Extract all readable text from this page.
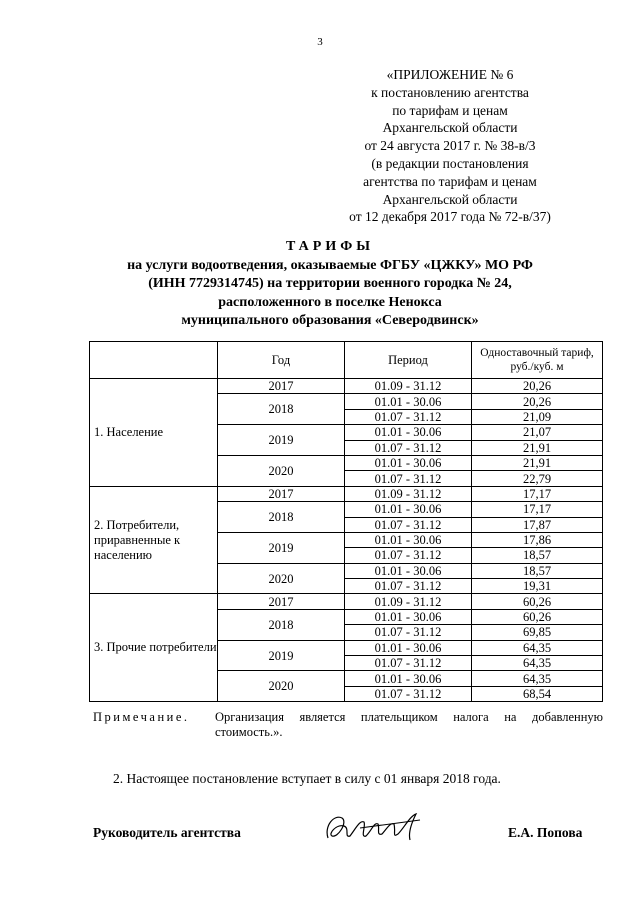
3
«ПРИЛОЖЕНИЕ № 6
к постановлению агентства
по тарифам и ценам
Архангельской области
от 24 августа 2017 г. № 38-в/3
(в редакции постановления
агентства по тарифам и ценам
Архангельской области
от 12 декабря 2017 года № 72-в/37)
ТАРИФЫ
на услуги водоотведения, оказываемые ФГБУ «ЦЖКУ» МО РФ
(ИНН 7729314745) на территории военного городка № 24,
расположенного в поселке Ненокса
муниципального образования «Северодвинск»
	Год	Период	Одноставочный тариф, руб./куб. м
1. Население	2017	01.09 - 31.12	20,26
	2018	01.01 - 30.06	20,26
		01.07 - 31.12	21,09
	2019	01.01 - 30.06	21,07
		01.07 - 31.12	21,91
	2020	01.01 - 30.06	21,91
		01.07 - 31.12	22,79
2. Потребители, приравненные к населению	2017	01.09 - 31.12	17,17
	2018	01.01 - 30.06	17,17
		01.07 - 31.12	17,87
	2019	01.01 - 30.06	17,86
		01.07 - 31.12	18,57
	2020	01.01 - 30.06	18,57
		01.07 - 31.12	19,31
3. Прочие потребители	2017	01.09 - 31.12	60,26
	2018	01.01 - 30.06	60,26
		01.07 - 31.12	69,85
	2019	01.01 - 30.06	64,35
		01.07 - 31.12	64,35
	2020	01.01 - 30.06	64,35
		01.07 - 31.12	68,54
Примечание. Организация является плательщиком налога на добавленную стоимость.».
2. Настоящее постановление вступает в силу с 01 января 2018 года.
Руководитель агентства	Е.А. Попова
